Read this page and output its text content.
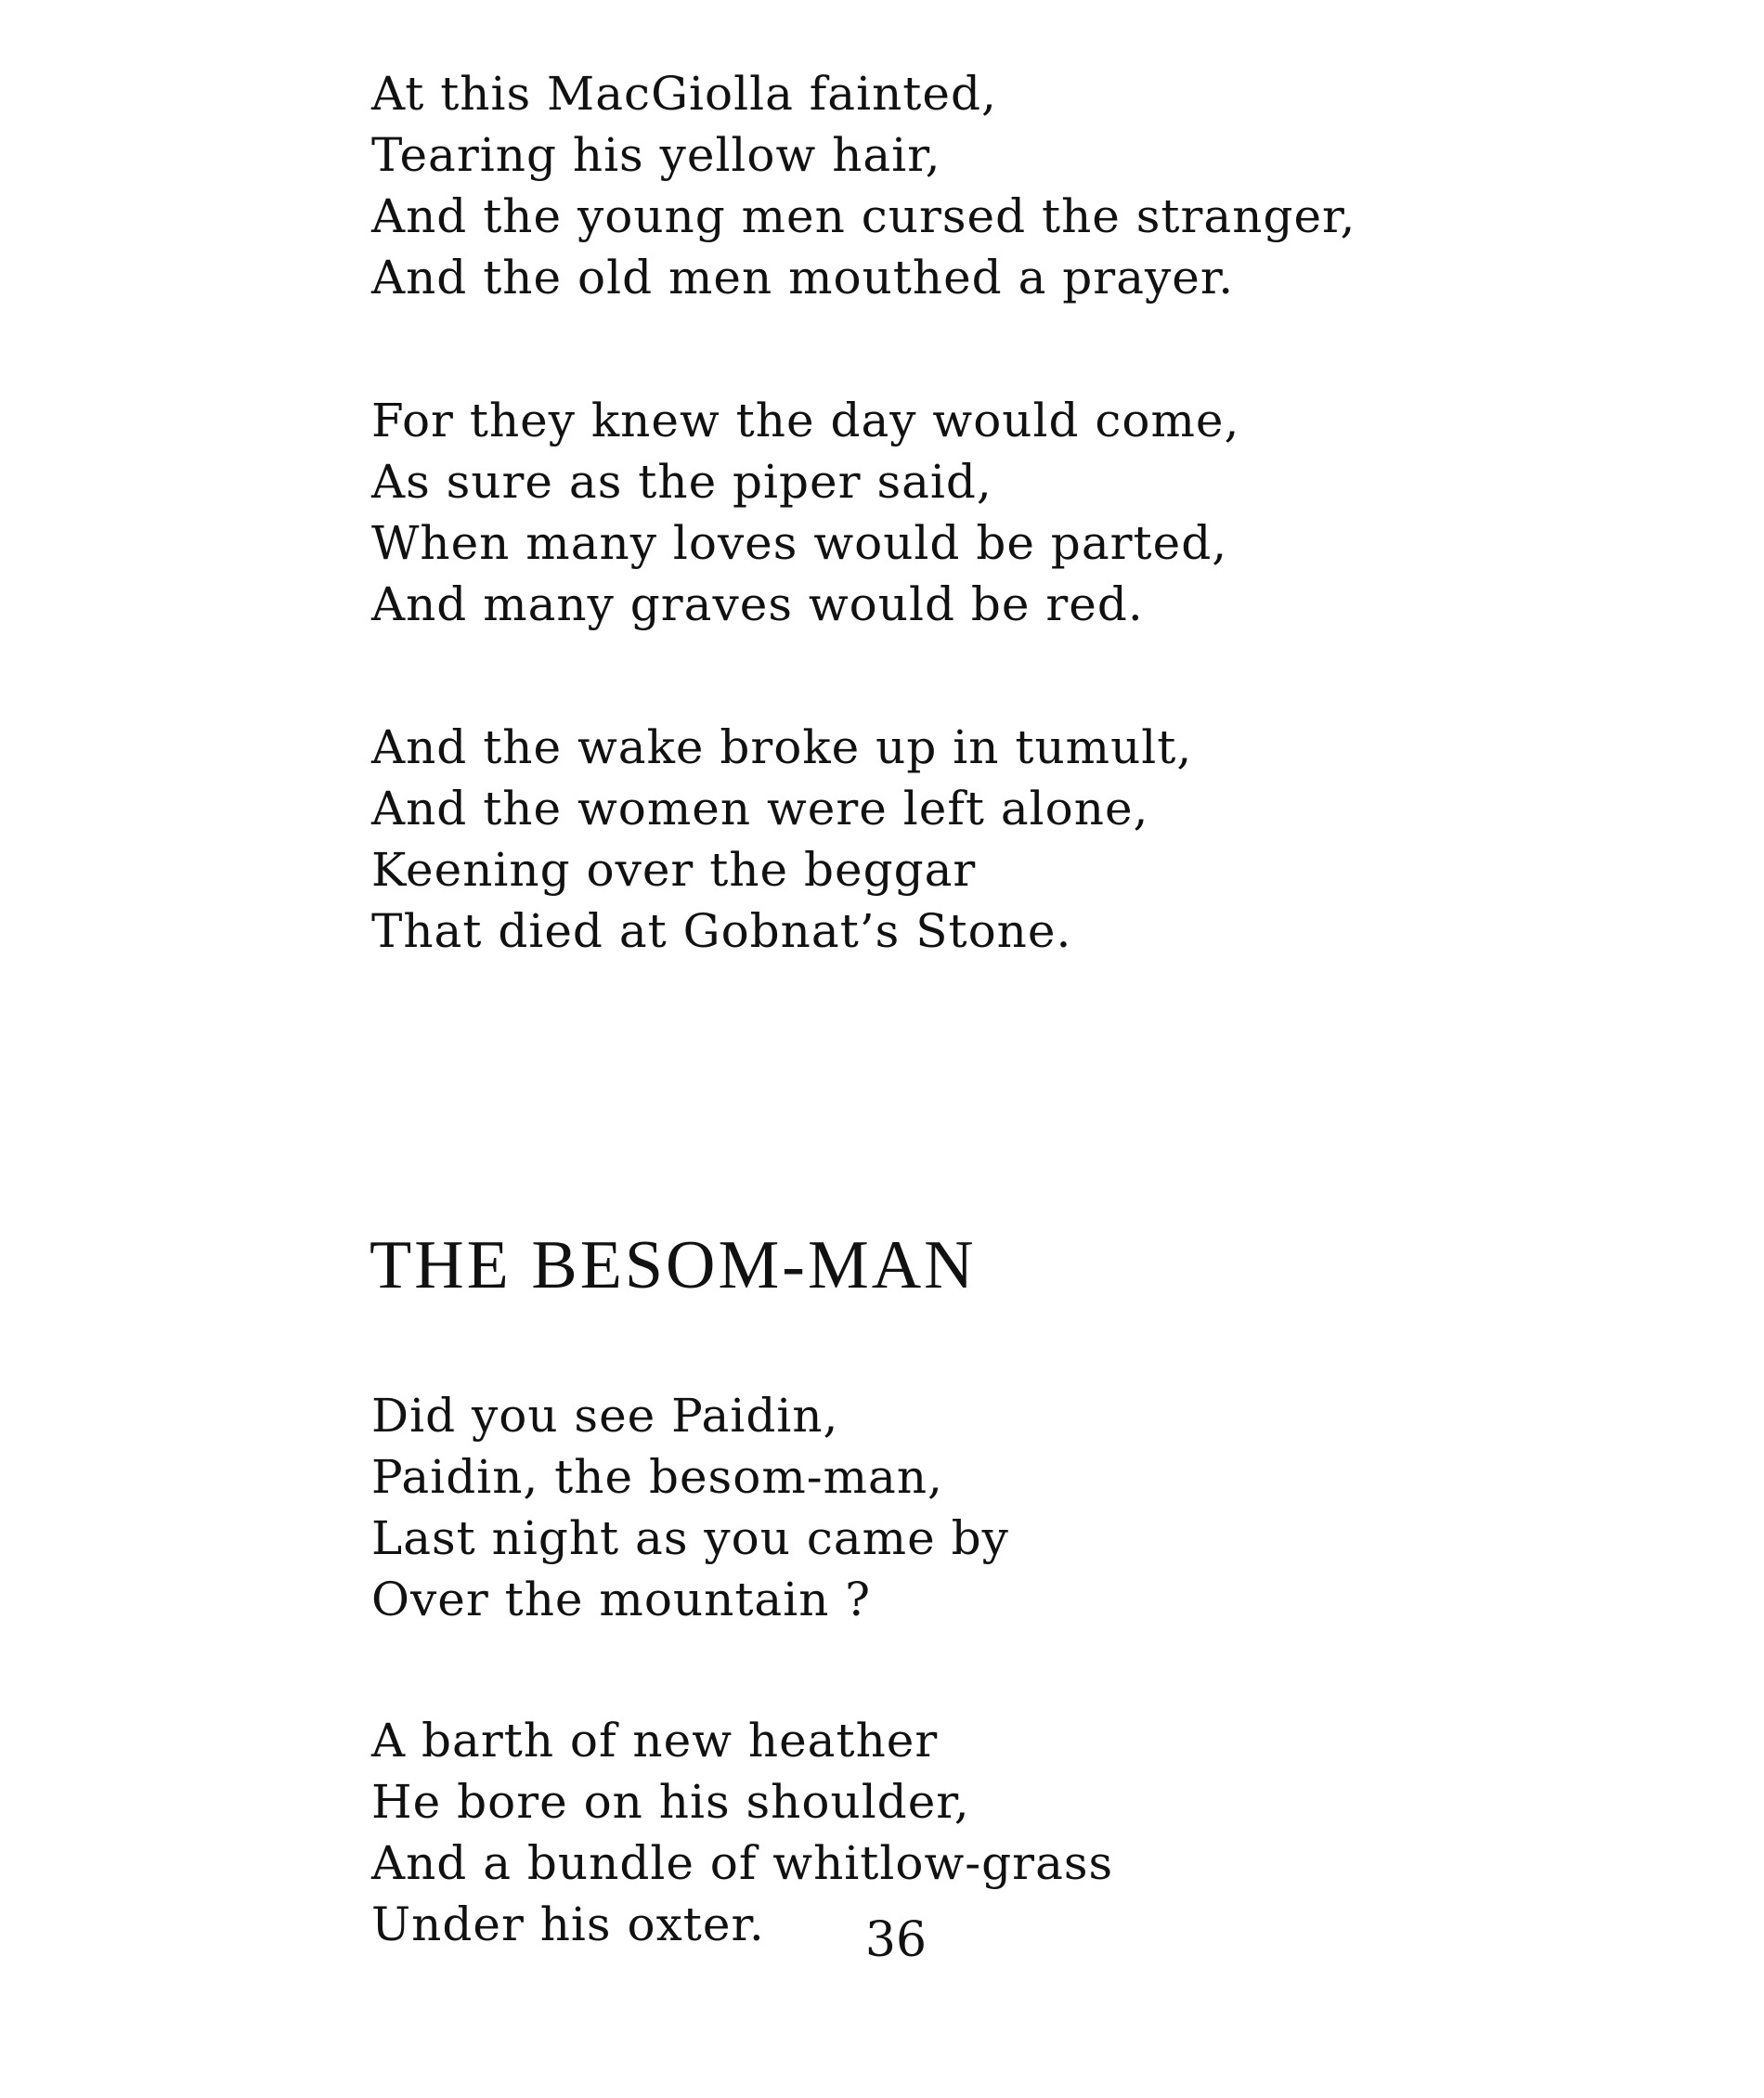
At this MacGiolla fainted,
Tearing his yellow hair,
And the young men cursed the stranger,
And the old men mouthed a prayer.

For they knew the day would come,
As sure as the piper said,
When many loves would be parted,
And many graves would be red.

And the wake broke up in tumult,
And the women were left alone,
Keening over the beggar
That died at Gobnat’s Stone.

THE BESOM-MAN

Did you see Paidin,
Paidin, the besom-man,
Last night as you came by
Over the mountain ?

A barth of new heather
He bore on his shoulder,
And a bundle of whitlow-grass
Under his oxter.	36
